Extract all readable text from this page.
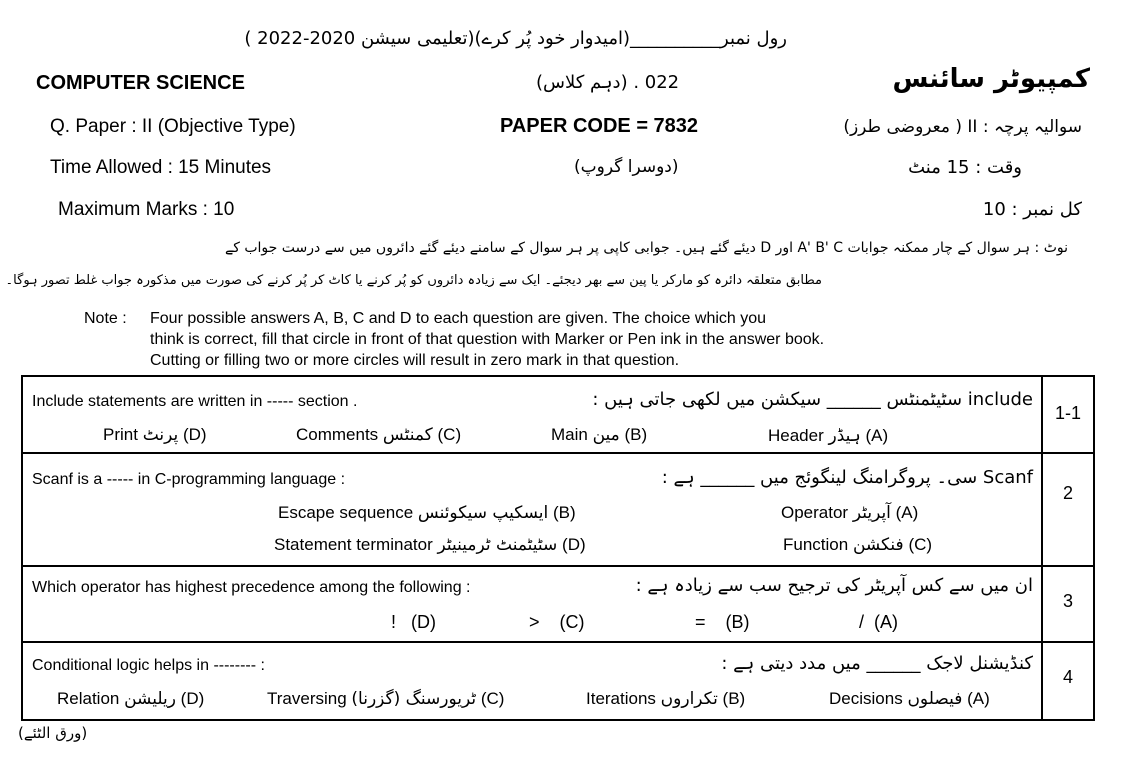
رول نمبر__________(امیدوار خود پُر کرے)(تعلیمی سیشن 2020-2022 )
COMPUTER SCIENCE	022 . (دہم کلاس)	کمپیوٹر سائنس
Q. Paper : II (Objective Type)	PAPER CODE = 7832	سوالیہ پرچہ : II ( معروضی طرز)
Time Allowed : 15 Minutes	(دوسرا گروپ)	وقت : 15 منٹ
Maximum Marks : 10	کل نمبر : 10
نوٹ : ہر سوال کے چار ممکنہ جوابات A' B' C اور D دیئے گئے ہیں۔ جوابی کاپی پر ہر سوال کے سامنے دیئے گئے دائروں میں سے درست جواب کے
مطابق متعلقہ دائرہ کو مارکر یا پین سے بھر دیجئے۔ ایک سے زیادہ دائروں کو پُر کرنے یا کاٹ کر پُر کرنے کی صورت میں مذکورہ جواب غلط تصور ہوگا۔
Note : Four possible answers A, B, C and D to each question are given. The choice which you
think is correct, fill that circle in front of that question with Marker or Pen ink in the answer book.
Cutting or filling two or more circles will result in zero mark in that question.
1-1
Include statements are written in ----- section .	include سٹیٹمنٹس ______ سیکشن میں لکھی جاتی ہیں :
Print پرنٹ (D)	Comments کمنٹس (C)	Main مین (B)	Header ہیڈر (A)
2
Scanf is a ----- in C-programming language :	Scanf سی۔ پروگرامنگ لینگوئج میں ______ ہے :
Escape sequence ایسکیپ سیکوئنس (B)	Operator آپریٹر (A)
Statement terminator سٹیٹمنٹ ٹرمینیٹر (D)	Function فنکشن (C)
3
Which operator has highest precedence among the following :	ان میں سے کس آپریٹر کی ترجیح سب سے زیادہ ہے :
! (D)	> (C)	= (B)	/ (A)
4
Conditional logic helps in -------- :	کنڈیشنل لاجک ______ میں مدد دیتی ہے :
Relation ریلیشن (D)	Traversing ٹریورسنگ (گزرنا) (C)	Iterations تکراروں (B)	Decisions فیصلوں (A)
(ورق الٹئے)
